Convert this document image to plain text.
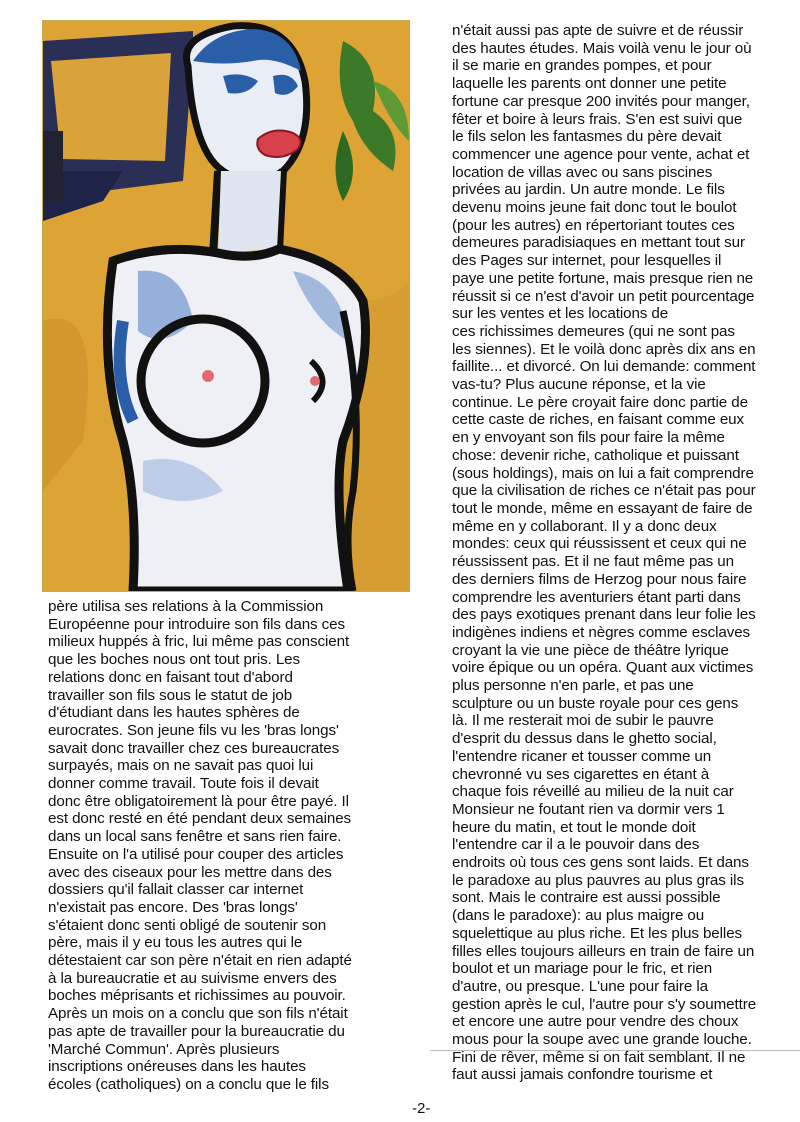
père utilisa ses relations à la Commission
Européenne pour introduire son fils dans ces
milieux huppés à fric, lui même pas conscient
que les boches nous ont tout pris. Les
relations donc en faisant tout d'abord
travailler son fils sous le statut de job
d'étudiant dans les hautes sphères de
eurocrates. Son jeune fils vu les 'bras longs'
savait donc travailler chez ces bureaucrates
surpayés, mais on ne savait pas quoi lui
donner comme travail. Toute fois il devait
donc être obligatoirement là pour être payé. Il
est donc resté en été pendant deux semaines
dans un local sans fenêtre et sans rien faire.
Ensuite on l'a utilisé pour couper des articles
avec des ciseaux pour les mettre dans des
dossiers qu'il fallait classer car internet
n'existait pas encore. Des 'bras longs'
s'étaient donc senti obligé de soutenir son
père, mais il y eu tous les autres qui le
détestaient car son père n'était en rien adapté
à la bureaucratie et au suivisme envers des
boches méprisants et richissimes au pouvoir.
Après un mois on a conclu que son fils n'était
pas apte de travailler pour la bureaucratie du
'Marché Commun'. Après plusieurs
inscriptions onéreuses dans les hautes
écoles (catholiques) on a conclu que le fils
n'était aussi pas apte de suivre et de réussir
des hautes études. Mais voilà venu le jour où
il se marie en grandes pompes, et pour
laquelle les parents ont donner une petite
fortune car presque 200 invités pour manger,
fêter et boire à leurs frais. S'en est suivi que
le fils selon les fantasmes du père devait
commencer une agence pour vente, achat et
location de villas avec ou sans piscines
privées au jardin. Un autre monde. Le fils
devenu moins jeune fait donc tout le boulot
(pour les autres) en répertoriant toutes ces
demeures paradisiaques en mettant tout sur
des Pages sur internet, pour lesquelles il
paye une petite fortune, mais presque rien ne
réussit si ce n'est d'avoir un petit pourcentage
sur les ventes et les locations de
ces richissimes demeures (qui ne sont pas
les siennes). Et le voilà donc après dix ans en
faillite... et divorcé. On lui demande: comment
vas-tu? Plus aucune réponse, et la vie
continue. Le père croyait faire donc partie de
cette caste de riches, en faisant comme eux
en y envoyant son fils pour faire la même
chose: devenir riche, catholique et puissant
(sous holdings), mais on lui a fait comprendre
que la civilisation de riches ce n'était pas pour
tout le monde, même en essayant de faire de
même en y collaborant. Il y a donc deux
mondes: ceux qui réussissent et ceux qui ne
réussissent pas. Et il ne faut même pas un
des derniers films de Herzog pour nous faire
comprendre les aventuriers étant parti dans
des pays exotiques prenant dans leur folie les
indigènes indiens et nègres comme esclaves
croyant la vie une pièce de théâtre lyrique
voire épique ou un opéra. Quant aux victimes
plus personne n'en parle, et pas une
sculpture ou un buste royale pour ces gens
là. Il me resterait moi de subir le pauvre
d'esprit du dessus dans le ghetto social,
l'entendre ricaner et tousser comme un
chevronné vu ses cigarettes en étant à
chaque fois réveillé au milieu de la nuit car
Monsieur ne foutant rien va dormir vers 1
heure du matin, et tout le monde doit
l'entendre car il a le pouvoir dans des
endroits où tous ces gens sont laids. Et dans
le paradoxe au plus pauvres au plus gras ils
sont. Mais le contraire est aussi possible
(dans le paradoxe): au plus maigre ou
squelettique au plus riche. Et les plus belles
filles elles toujours ailleurs en train de faire un
boulot et un mariage pour le fric, et rien
d'autre, ou presque. L'une pour faire la
gestion après le cul, l'autre pour s'y soumettre
et encore une autre pour vendre des choux
mous pour la soupe avec une grande louche.
Fini de rêver, même si on fait semblant. Il ne
faut aussi jamais confondre tourisme et
-2-
